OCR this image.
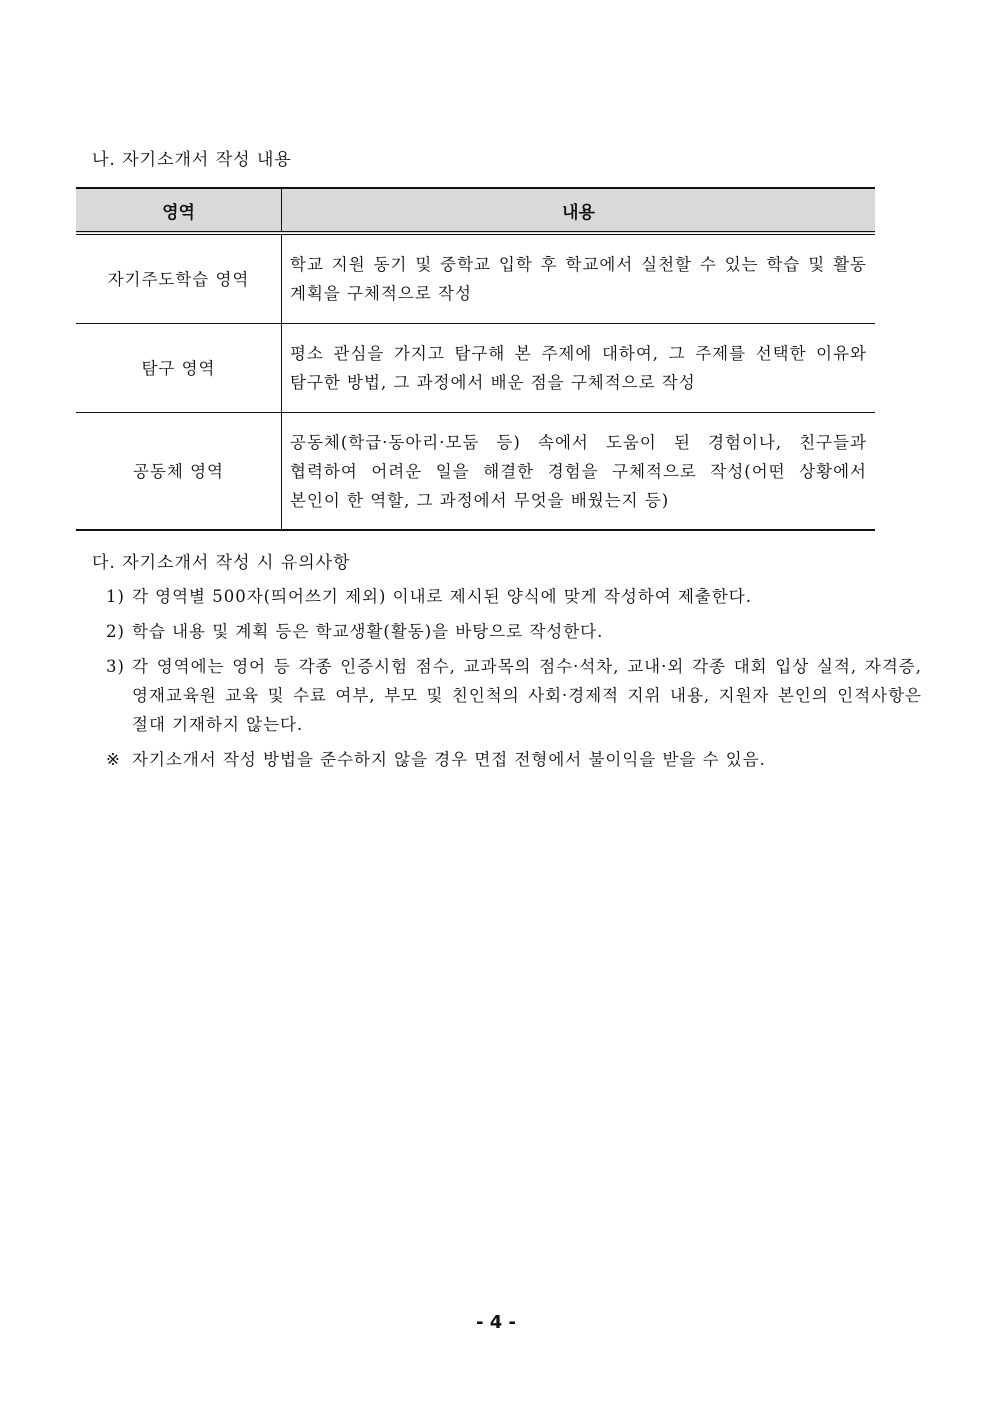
나. 자기소개서 작성 내용
영역	내용
자기주도학습 영역	학교 지원 동기 및 중학교 입학 후 학교에서 실천할 수 있는 학습 및 활동 계획을 구체적으로 작성
탐구 영역	평소 관심을 가지고 탐구해 본 주제에 대하여, 그 주제를 선택한 이유와 탐구한 방법, 그 과정에서 배운 점을 구체적으로 작성
공동체 영역	공동체(학급·동아리·모둠 등) 속에서 도움이 된 경험이나, 친구들과 협력하여 어려운 일을 해결한 경험을 구체적으로 작성(어떤 상황에서 본인이 한 역할, 그 과정에서 무엇을 배웠는지 등)
다. 자기소개서 작성 시 유의사항
1) 각 영역별 500자(띄어쓰기 제외) 이내로 제시된 양식에 맞게 작성하여 제출한다.
2) 학습 내용 및 계획 등은 학교생활(활동)을 바탕으로 작성한다.
3) 각 영역에는 영어 등 각종 인증시험 점수, 교과목의 점수·석차, 교내·외 각종 대회 입상 실적, 자격증, 영재교육원 교육 및 수료 여부, 부모 및 친인척의 사회·경제적 지위 내용, 지원자 본인의 인적사항은 절대 기재하지 않는다.
※ 자기소개서 작성 방법을 준수하지 않을 경우 면접 전형에서 불이익을 받을 수 있음.
- 4 -
